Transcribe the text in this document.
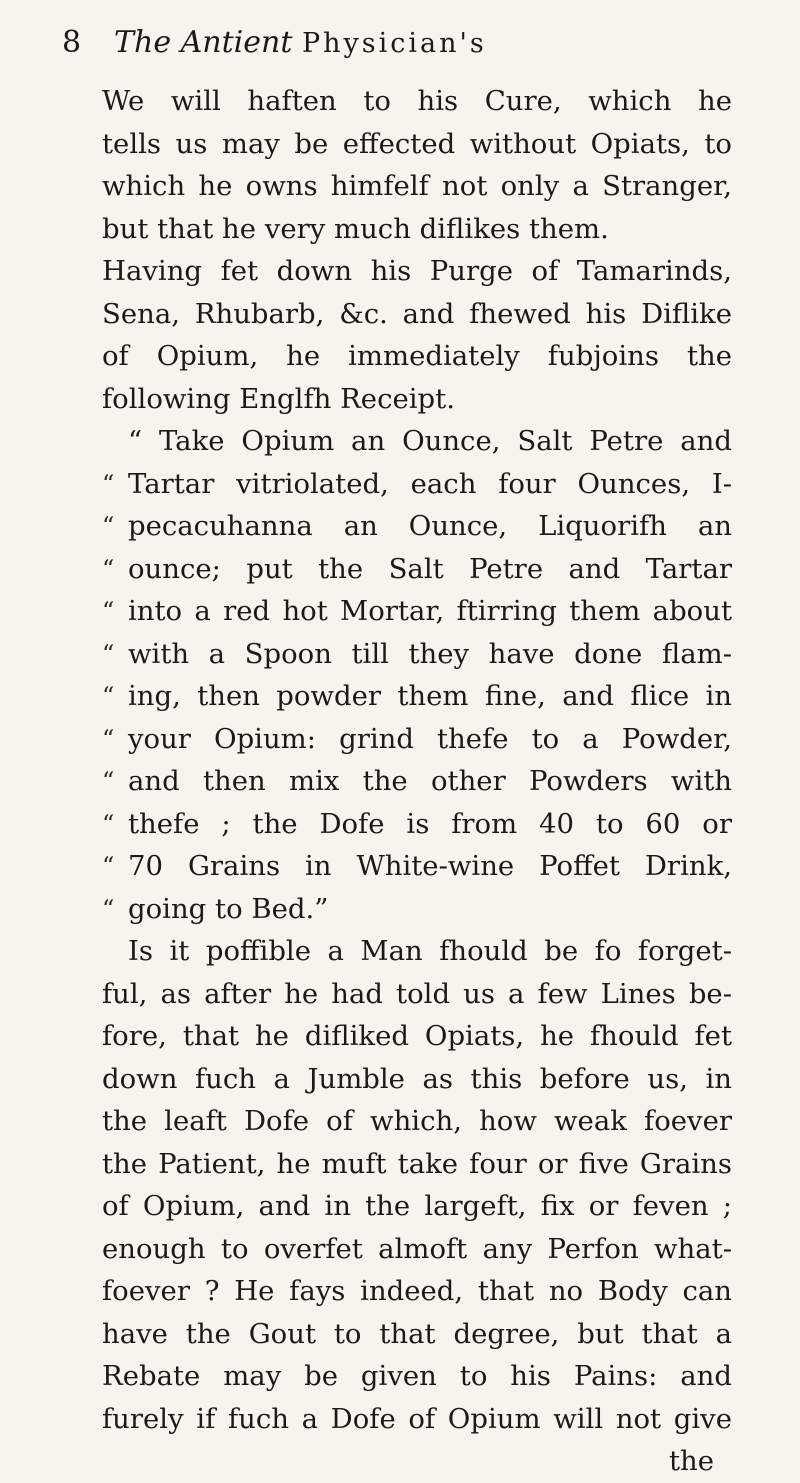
8 The Antient Physician's
We will haften to his Cure, which he
tells us may be effected without Opiats, to
which he owns himfelf not only a Stranger,
but that he very much diflikes them.
Having fet down his Purge of Tamarinds,
Sena, Rhubarb, &c. and fhewed his Diflike
of Opium, he immediately fubjoins the
following Englfh Receipt.
“ Take Opium an Ounce, Salt Petre and
“ Tartar vitriolated, each four Ounces, I-
“ pecacuhanna an Ounce, Liquorifh an
“ ounce; put the Salt Petre and Tartar
“ into a red hot Mortar, ftirring them about
“ with a Spoon till they have done flam-
“ ing, then powder them fine, and flice in
“ your Opium: grind thefe to a Powder,
“ and then mix the other Powders with
“ thefe ; the Dofe is from 40 to 60 or
“ 70 Grains in White-wine Poffet Drink,
“ going to Bed.”
Is it poffible a Man fhould be fo forget-
ful, as after he had told us a few Lines be-
fore, that he difliked Opiats, he fhould fet
down fuch a Jumble as this before us, in
the leaft Dofe of which, how weak foever
the Patient, he muft take four or five Grains
of Opium, and in the largeft, fix or feven ;
enough to overfet almoft any Perfon what-
foever ? He fays indeed, that no Body can
have the Gout to that degree, but that a
Rebate may be given to his Pains: and
furely if fuch a Dofe of Opium will not give
the
